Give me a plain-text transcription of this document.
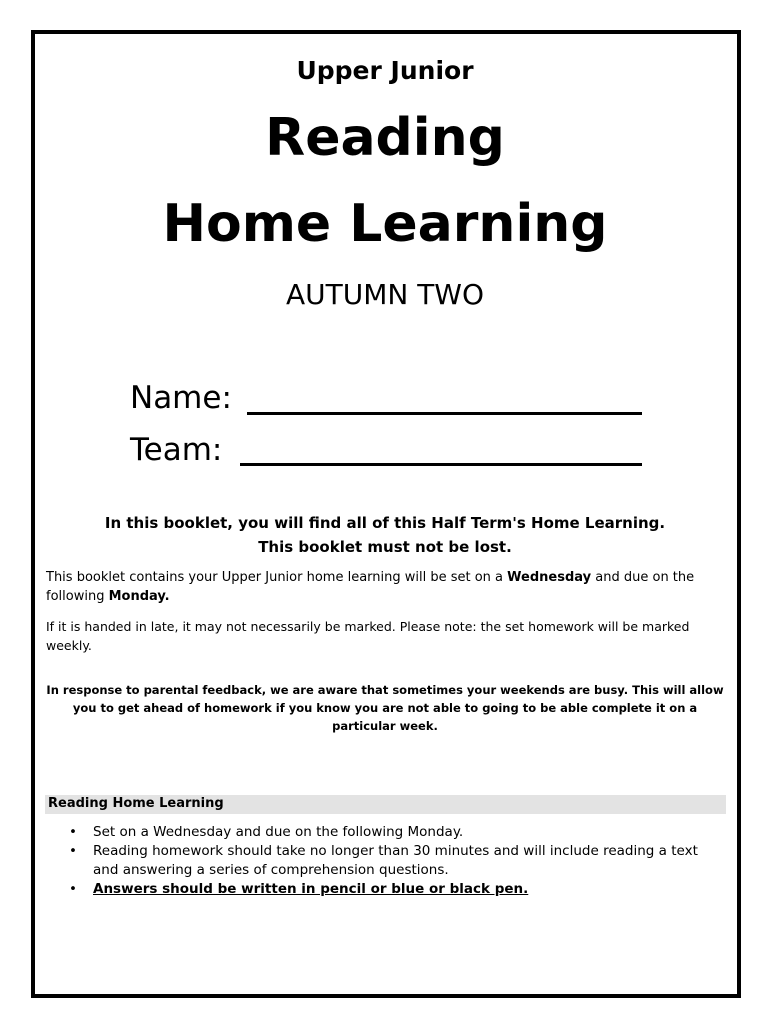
Upper Junior

Reading

Home Learning

AUTUMN TWO

Name:
Team:

In this booklet, you will find all of this Half Term's Home Learning.

This booklet must not be lost.

This booklet contains your Upper Junior home learning will be set on a Wednesday and due on the following Monday.

If it is handed in late, it may not necessarily be marked. Please note: the set homework will be marked weekly.

In response to parental feedback, we are aware that sometimes your weekends are busy. This will allow you to get ahead of homework if you know you are not able to going to be able complete it on a particular week.

Reading Home Learning
• Set on a Wednesday and due on the following Monday.
• Reading homework should take no longer than 30 minutes and will include reading a text and answering a series of comprehension questions.
• Answers should be written in pencil or blue or black pen.
